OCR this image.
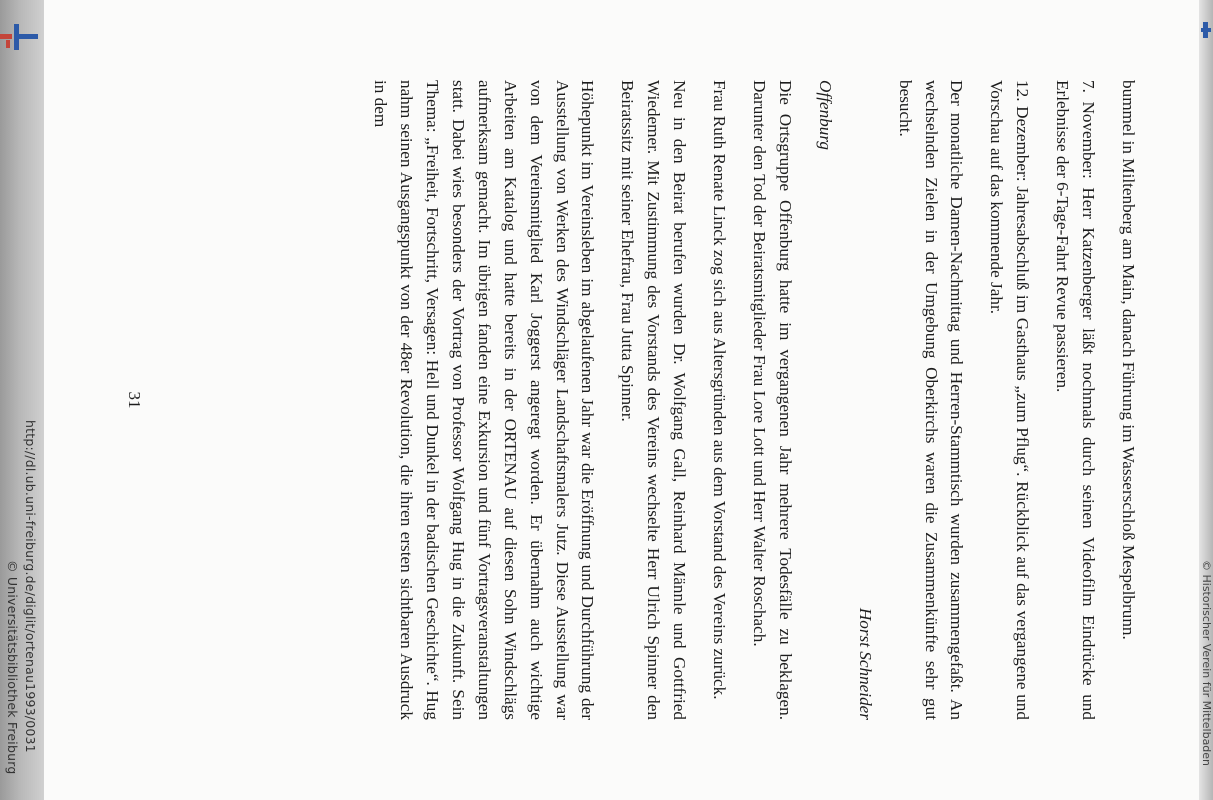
http://dl.ub.uni-freiburg.de/diglit/ortenau1993/0031
© Universitätsbibliothek Freiburg	© Historischer Verein für Mittelbaden

bummel in Miltenberg am Main, danach Führung im Wasserschloß Mespelbrunn.

7. November: Herr Katzenberger läßt nochmals durch seinen Videofilm Eindrücke und Erlebnisse der 6-Tage-Fahrt Revue passieren.

12. Dezember: Jahresabschluß im Gasthaus „zum Pflug“. Rückblick auf das vergangene und Vorschau auf das kommende Jahr.

Der monatliche Damen-Nachmittag und Herren-Stammtisch wurden zusammengefaßt. An wechselnden Zielen in der Umgebung Oberkirchs waren die Zusammenkünfte sehr gut besucht.

Horst Schneider

Offenburg

Die Ortsgruppe Offenburg hatte im vergangenen Jahr mehrere Todesfälle zu beklagen. Darunter den Tod der Beiratsmitglieder Frau Lore Lott und Herr Walter Roschach.

Frau Ruth Renate Linck zog sich aus Altersgründen aus dem Vorstand des Vereins zurück.

Neu in den Beirat berufen wurden Dr. Wolfgang Gall, Reinhard Männle und Gottfried Wiedemer. Mit Zustimmung des Vorstands des Vereins wechselte Herr Ulrich Spinner den Beiratssitz mit seiner Ehefrau, Frau Jutta Spinner.

Höhepunkt im Vereinsleben im abgelaufenen Jahr war die Eröffnung und Durchführung der Ausstellung von Werken des Windschläger Landschaftsmalers Jutz. Diese Ausstellung war von dem Vereinsmitglied Karl Joggerst angeregt worden. Er übernahm auch wichtige Arbeiten am Katalog und hatte bereits in der ORTENAU auf diesen Sohn Windschlägs aufmerksam gemacht. Im übrigen fanden eine Exkursion und fünf Vortragsveranstaltungen statt. Dabei wies besonders der Vortrag von Professor Wolfgang Hug in die Zukunft. Sein Thema: „Freiheit, Fortschritt, Versagen: Hell und Dunkel in der badischen Geschichte“. Hug nahm seinen Ausgangspunkt von der 48er Revolution, die ihren ersten sichtbaren Ausdruck in dem

31
